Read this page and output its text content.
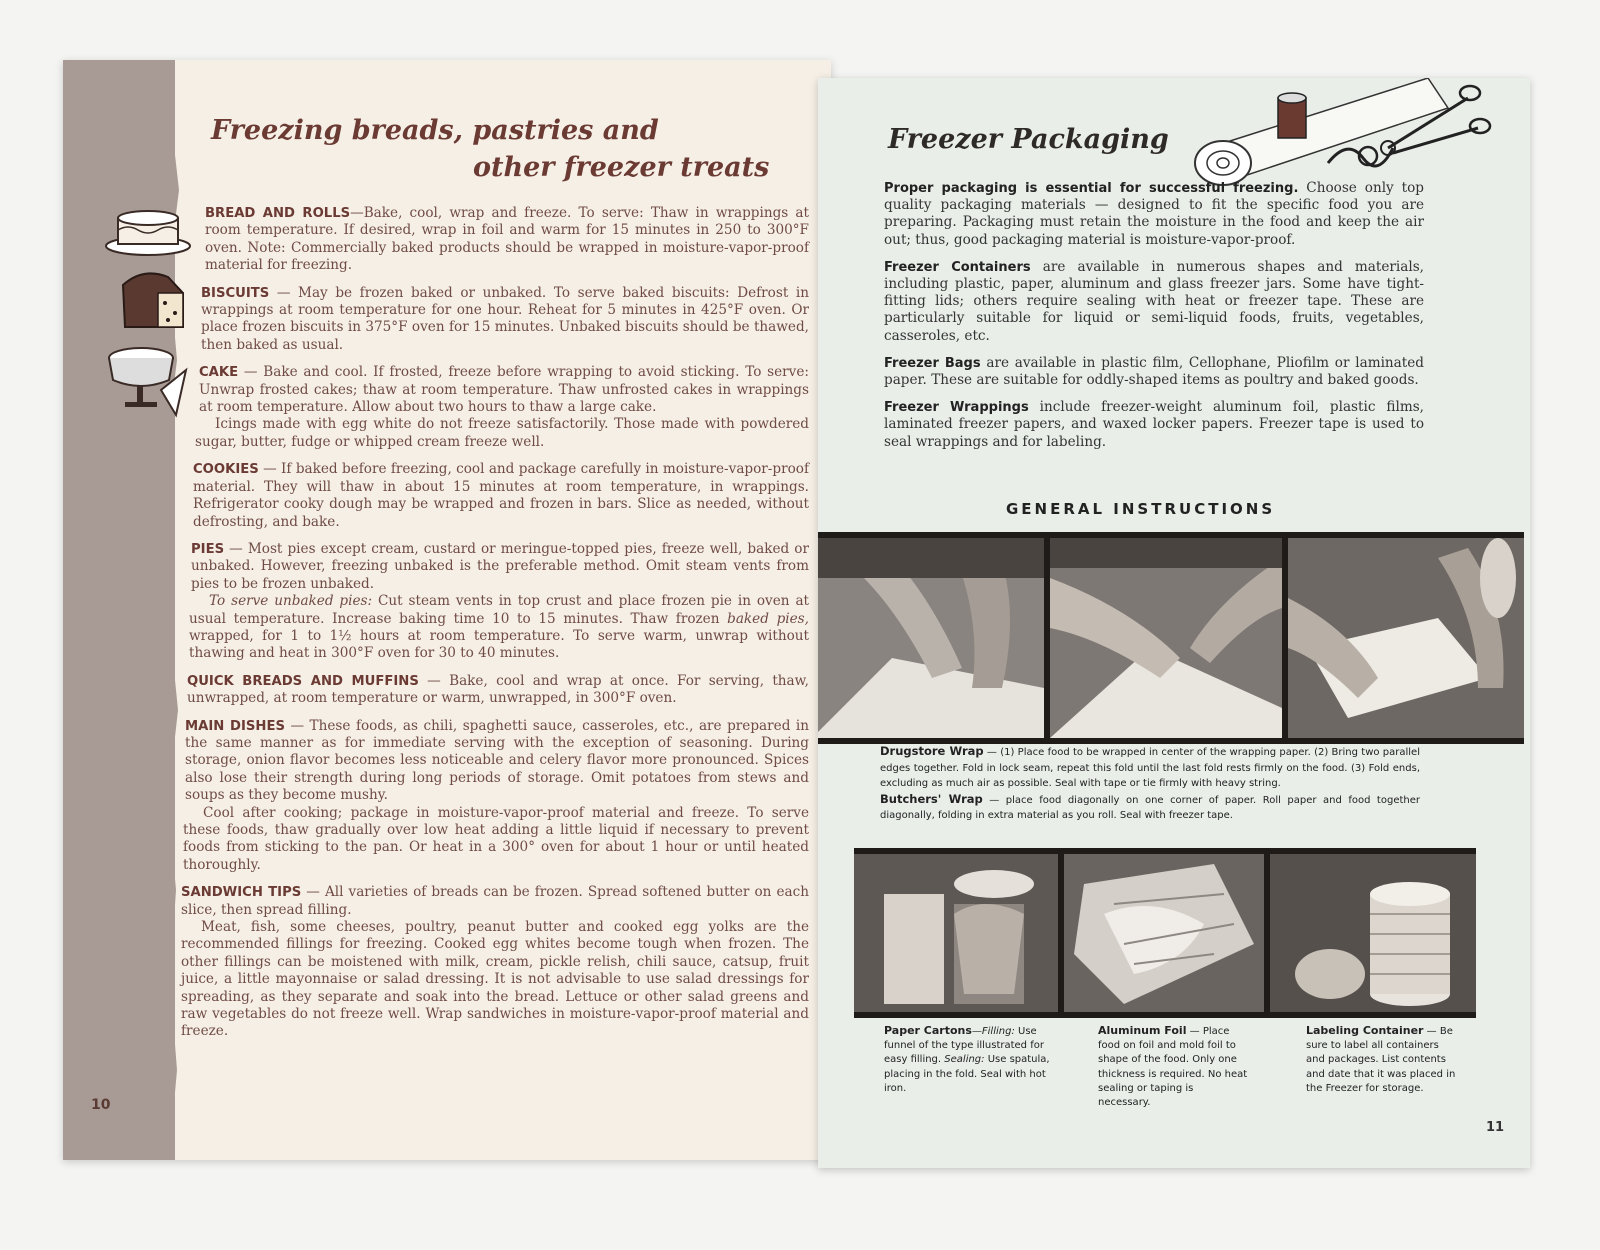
Freezing breads, pastries and
other freezer treats

BREAD AND ROLLS—Bake, cool, wrap and freeze. To serve: Thaw in wrappings at room temperature. If desired, wrap in foil and warm for 15 minutes in 250 to 300°F oven. Note: Commercially baked products should be wrapped in moisture-vapor-proof material for freezing.

BISCUITS — May be frozen baked or unbaked. To serve baked biscuits: Defrost in wrappings at room temperature for one hour. Reheat for 5 minutes in 425°F oven. Or place frozen biscuits in 375°F oven for 15 minutes. Unbaked biscuits should be thawed, then baked as usual.

CAKE — Bake and cool. If frosted, freeze before wrapping to avoid sticking. To serve: Unwrap frosted cakes; thaw at room temperature. Thaw unfrosted cakes in wrappings at room temperature. Allow about two hours to thaw a large cake.

Icings made with egg white do not freeze satisfactorily. Those made with powdered sugar, butter, fudge or whipped cream freeze well.

COOKIES — If baked before freezing, cool and package carefully in moisture-vapor-proof material. They will thaw in about 15 minutes at room temperature, in wrappings. Refrigerator cooky dough may be wrapped and frozen in bars. Slice as needed, without defrosting, and bake.

PIES — Most pies except cream, custard or meringue-topped pies, freeze well, baked or unbaked. However, freezing unbaked is the preferable method. Omit steam vents from pies to be frozen unbaked.

To serve unbaked pies: Cut steam vents in top crust and place frozen pie in oven at usual temperature. Increase baking time 10 to 15 minutes. Thaw frozen baked pies, wrapped, for 1 to 1½ hours at room temperature. To serve warm, unwrap without thawing and heat in 300°F oven for 30 to 40 minutes.

QUICK BREADS AND MUFFINS — Bake, cool and wrap at once. For serving, thaw, unwrapped, at room temperature or warm, unwrapped, in 300°F oven.

MAIN DISHES — These foods, as chili, spaghetti sauce, casseroles, etc., are prepared in the same manner as for immediate serving with the exception of seasoning. During storage, onion flavor becomes less noticeable and celery flavor more pronounced. Spices also lose their strength during long periods of storage. Omit potatoes from stews and soups as they become mushy.

Cool after cooking; package in moisture-vapor-proof material and freeze. To serve these foods, thaw gradually over low heat adding a little liquid if necessary to prevent foods from sticking to the pan. Or heat in a 300° oven for about 1 hour or until heated thoroughly.

SANDWICH TIPS — All varieties of breads can be frozen. Spread softened butter on each slice, then spread filling.

Meat, fish, some cheeses, poultry, peanut butter and cooked egg yolks are the recommended fillings for freezing. Cooked egg whites become tough when frozen. The other fillings can be moistened with milk, cream, pickle relish, chili sauce, catsup, fruit juice, a little mayonnaise or salad dressing. It is not advisable to use salad dressings for spreading, as they separate and soak into the bread. Lettuce or other salad greens and raw vegetables do not freeze well. Wrap sandwiches in moisture-vapor-proof material and freeze.

10
Freezer Packaging

Proper packaging is essential for successful freezing. Choose only top quality packaging materials — designed to fit the specific food you are preparing. Packaging must retain the moisture in the food and keep the air out; thus, good packaging material is moisture-vapor-proof.

Freezer Containers are available in numerous shapes and materials, including plastic, paper, aluminum and glass freezer jars. Some have tight-fitting lids; others require sealing with heat or freezer tape. These are particularly suitable for liquid or semi-liquid foods, fruits, vegetables, casseroles, etc.

Freezer Bags are available in plastic film, Cellophane, Pliofilm or laminated paper. These are suitable for oddly-shaped items as poultry and baked goods.

Freezer Wrappings include freezer-weight aluminum foil, plastic films, laminated freezer papers, and waxed locker papers. Freezer tape is used to seal wrappings and for labeling.

GENERAL INSTRUCTIONS
Drugstore Wrap — (1) Place food to be wrapped in center of the wrapping paper. (2) Bring two parallel edges together. Fold in lock seam, repeat this fold until the last fold rests firmly on the food. (3) Fold ends, excluding as much air as possible. Seal with tape or tie firmly with heavy string.
Butchers' Wrap — place food diagonally on one corner of paper. Roll paper and food together diagonally, folding in extra material as you roll. Seal with freezer tape.
Paper Cartons—Filling: Use funnel of the type illustrated for easy filling. Sealing: Use spatula, placing in the fold. Seal with hot iron.
Aluminum Foil — Place food on foil and mold foil to shape of the food. Only one thickness is required. No heat sealing or taping is necessary.
Labeling Container — Be sure to label all containers and packages. List contents and date that it was placed in the Freezer for storage.
11
